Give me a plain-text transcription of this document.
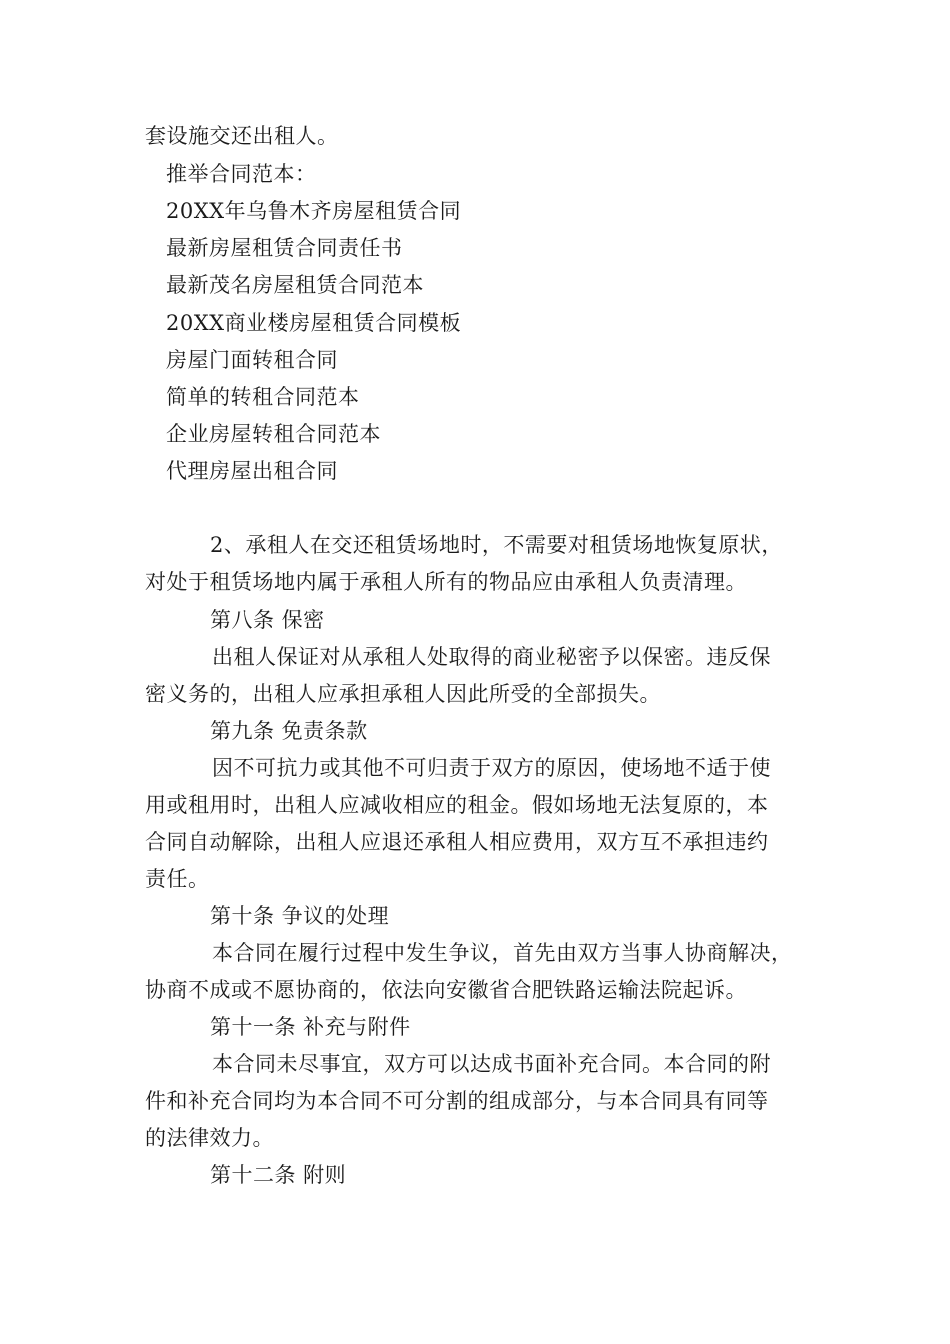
套设施交还出租人。
推举合同范本：
20XX年乌鲁木齐房屋租赁合同
最新房屋租赁合同责任书
最新茂名房屋租赁合同范本
20XX商业楼房屋租赁合同模板
房屋门面转租合同
简单的转租合同范本
企业房屋转租合同范本
代理房屋出租合同
2、承租人在交还租赁场地时，不需要对租赁场地恢复原状，
对处于租赁场地内属于承租人所有的物品应由承租人负责清理。
第八条 保密
出租人保证对从承租人处取得的商业秘密予以保密。违反保
密义务的，出租人应承担承租人因此所受的全部损失。
第九条 免责条款
因不可抗力或其他不可归责于双方的原因，使场地不适于使
用或租用时，出租人应减收相应的租金。假如场地无法复原的，本
合同自动解除，出租人应退还承租人相应费用，双方互不承担违约
责任。
第十条 争议的处理
本合同在履行过程中发生争议，首先由双方当事人协商解决，
协商不成或不愿协商的，依法向安徽省合肥铁路运输法院起诉。
第十一条 补充与附件
本合同未尽事宜，双方可以达成书面补充合同。本合同的附
件和补充合同均为本合同不可分割的组成部分，与本合同具有同等
的法律效力。
第十二条 附则
